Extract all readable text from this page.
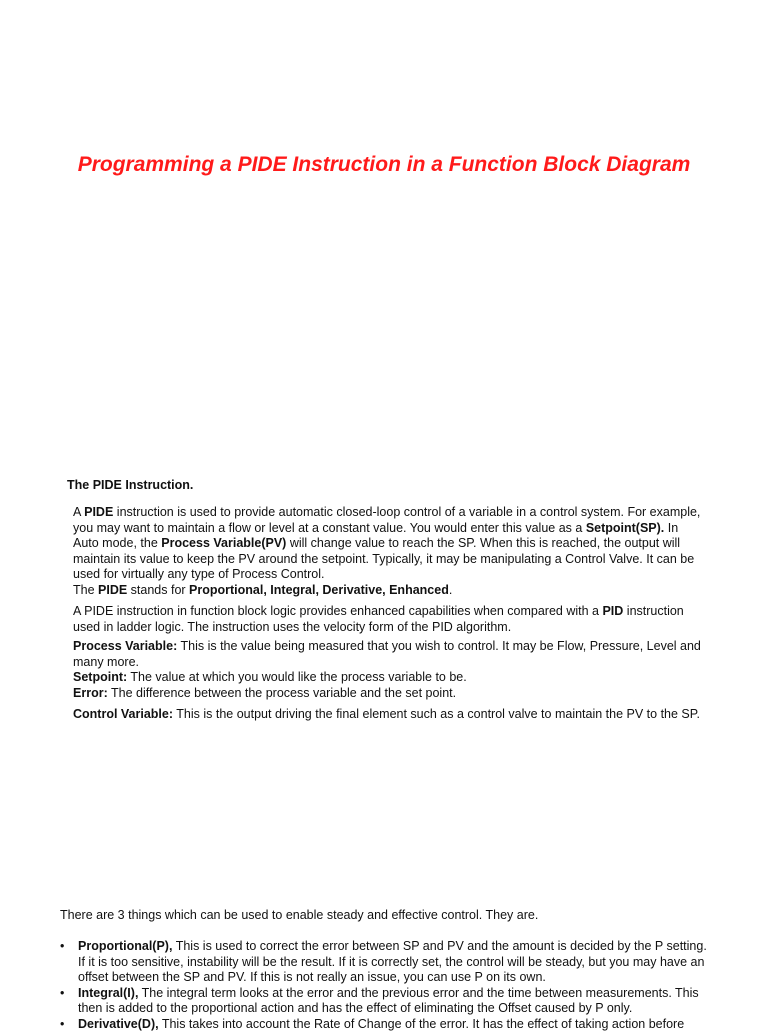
Programming a PIDE Instruction in a Function Block Diagram
The PIDE Instruction.

A PIDE instruction is used to provide automatic closed-loop control of a variable in a control system. For example, you may want to maintain a flow or level at a constant value. You would enter this value as a Setpoint(SP). In Auto mode, the Process Variable(PV) will change value to reach the SP. When this is reached, the output will maintain its value to keep the PV around the setpoint. Typically, it may be manipulating a Control Valve. It can be used for virtually any type of Process Control.

The PIDE stands for Proportional, Integral, Derivative, Enhanced.

A PIDE instruction in function block logic provides enhanced capabilities when compared with a PID instruction used in ladder logic. The instruction uses the velocity form of the PID algorithm.

Process Variable: This is the value being measured that you wish to control. It may be Flow, Pressure, Level and many more.

Setpoint: The value at which you would like the process variable to be.

Error: The difference between the process variable and the set point.

Control Variable: This is the output driving the final element such as a control valve to maintain the PV to the SP.

There are 3 things which can be used to enable steady and effective control. They are.
• Proportional(P), This is used to correct the error between SP and PV and the amount is decided by the P setting. If it is too sensitive, instability will be the result. If it is correctly set, the control will be steady, but you may have an offset between the SP and PV. If this is not really an issue, you can use P on its own.
• Integral(I), The integral term looks at the error and the previous error and the time between measurements. This then is added to the proportional action and has the effect of eliminating the Offset caused by P only.
• Derivative(D), This takes into account the Rate of Change of the error. It has the effect of taking action before
